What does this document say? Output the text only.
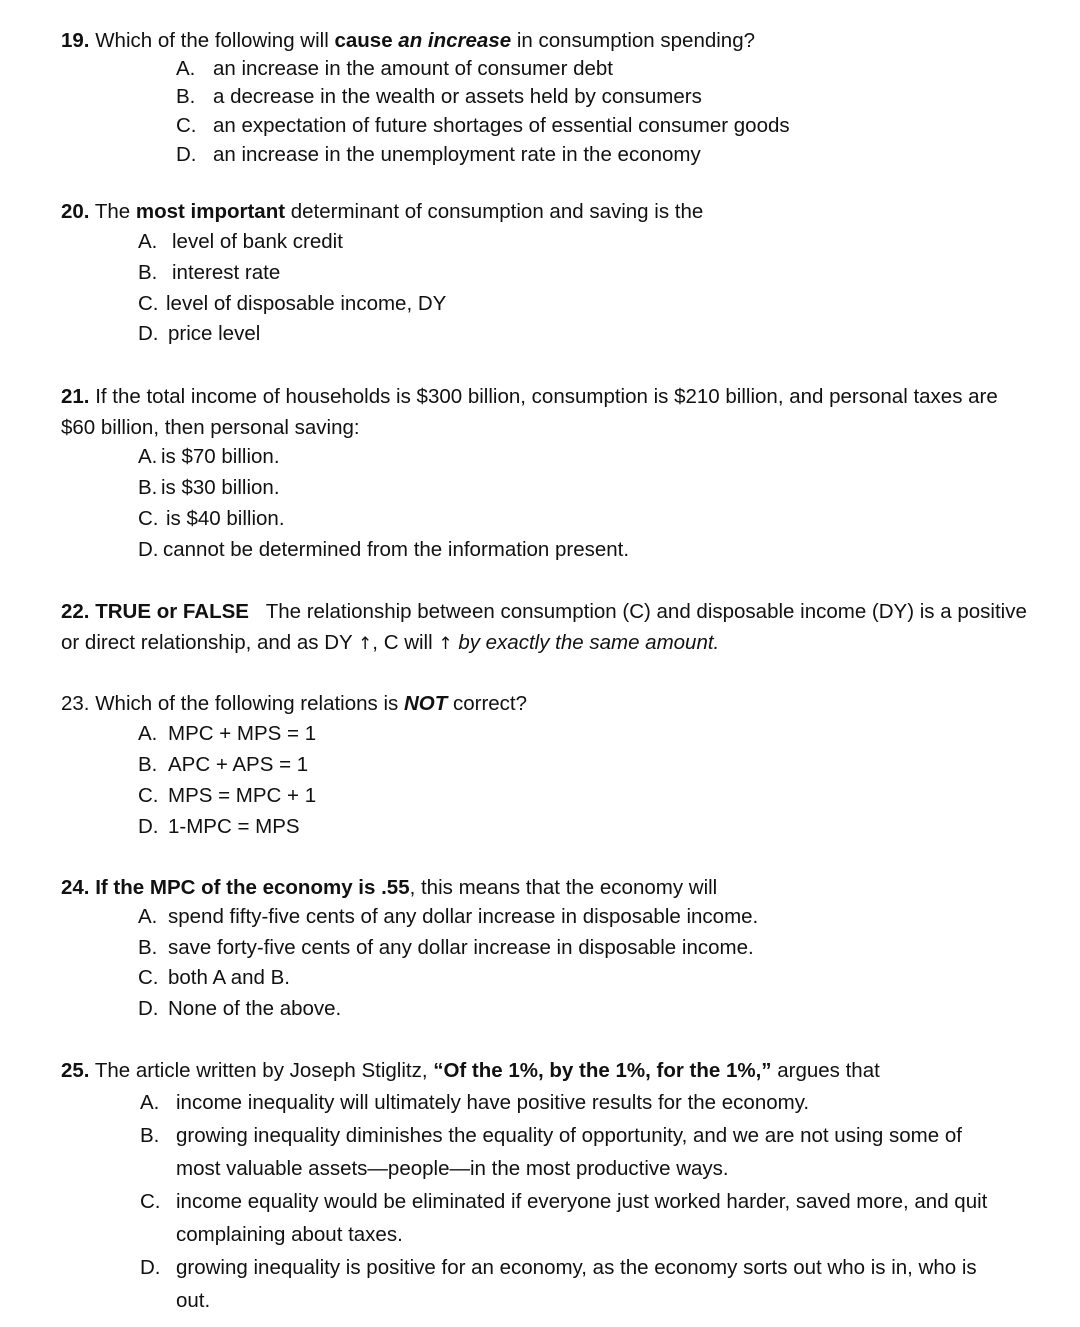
19. Which of the following will cause an increase in consumption spending?
A. an increase in the amount of consumer debt
B. a decrease in the wealth or assets held by consumers
C. an expectation of future shortages of essential consumer goods
D. an increase in the unemployment rate in the economy
20. The most important determinant of consumption and saving is the
A. level of bank credit
B. interest rate
C. level of disposable income, DY
D. price level
21. If the total income of households is $300 billion, consumption is $210 billion, and personal taxes are
$60 billion, then personal saving:
A. is $70 billion.
B. is $30 billion.
C. is $40 billion.
D. cannot be determined from the information present.
22. TRUE or FALSE The relationship between consumption (C) and disposable income (DY) is a positive
or direct relationship, and as DY ↑, C will ↑ by exactly the same amount.
23. Which of the following relations is NOT correct?
A. MPC + MPS = 1
B. APC + APS = 1
C. MPS = MPC + 1
D. 1-MPC = MPS
24. If the MPC of the economy is .55, this means that the economy will
A. spend fifty-five cents of any dollar increase in disposable income.
B. save forty-five cents of any dollar increase in disposable income.
C. both A and B.
D. None of the above.
25. The article written by Joseph Stiglitz, “Of the 1%, by the 1%, for the 1%,” argues that
A. income inequality will ultimately have positive results for the economy.
B. growing inequality diminishes the equality of opportunity, and we are not using some of
most valuable assets—people—in the most productive ways.
C. income equality would be eliminated if everyone just worked harder, saved more, and quit
complaining about taxes.
D. growing inequality is positive for an economy, as the economy sorts out who is in, who is
out.
